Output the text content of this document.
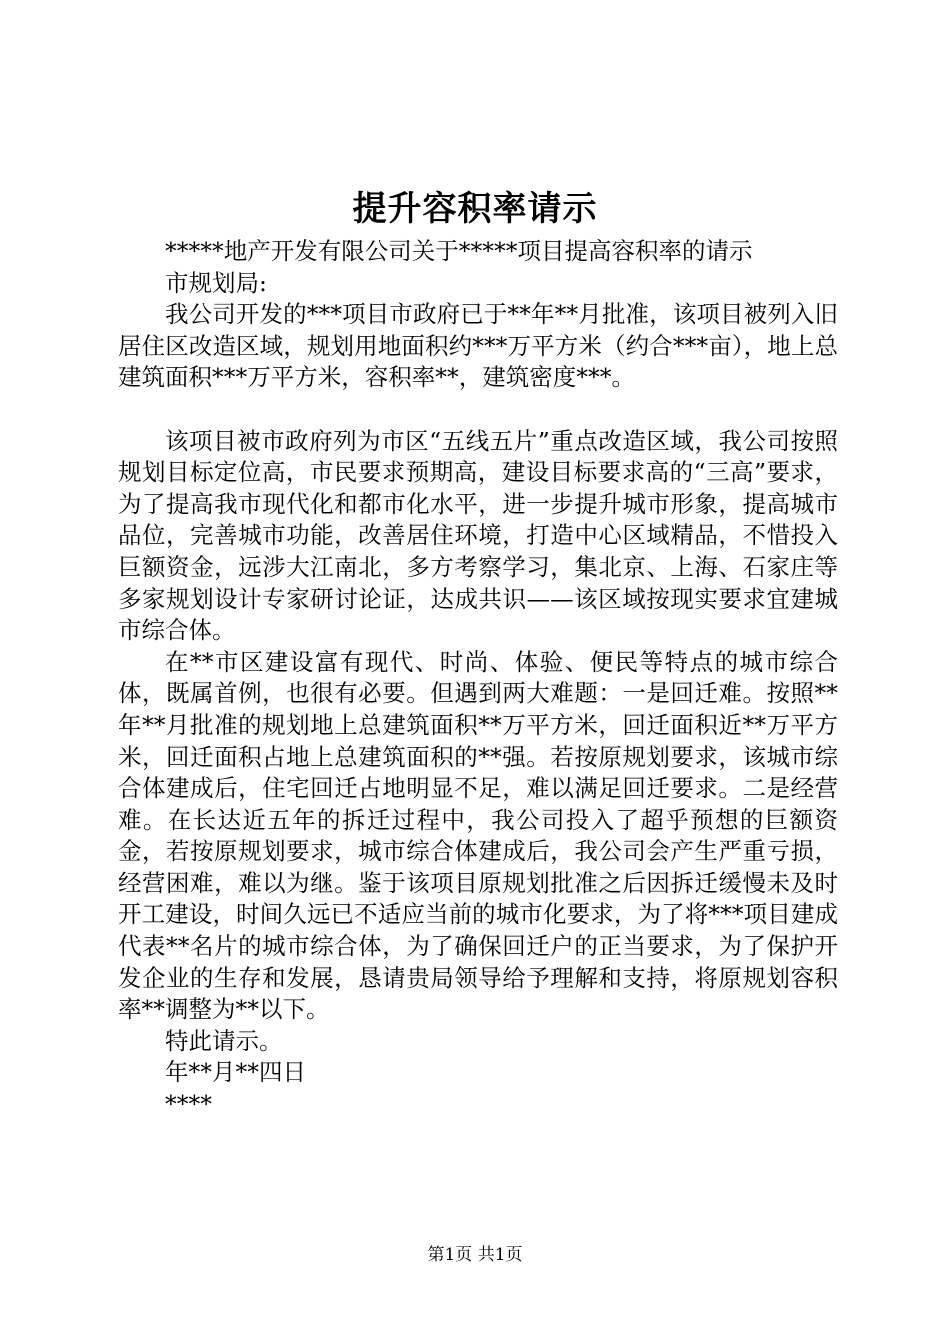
提升容积率请示

*****地产开发有限公司关于*****项目提高容积率的请示

市规划局:

我公司开发的***项目市政府已于**年**月批准，该项目被列入旧居住区改造区域，规划用地面积约***万平方米（约合***亩），地上总建筑面积***万平方米，容积率**，建筑密度***。

该项目被市政府列为市区“五线五片”重点改造区域，我公司按照规划目标定位高，市民要求预期高，建设目标要求高的“三高”要求，为了提高我市现代化和都市化水平，进一步提升城市形象，提高城市品位，完善城市功能，改善居住环境，打造中心区域精品，不惜投入巨额资金，远涉大江南北，多方考察学习，集北京、上海、石家庄等多家规划设计专家研讨论证，达成共识——该区域按现实要求宜建城市综合体。

在**市区建设富有现代、时尚、体验、便民等特点的城市综合体，既属首例，也很有必要。但遇到两大难题：一是回迁难。按照**年**月批准的规划地上总建筑面积**万平方米，回迁面积近**万平方米，回迁面积占地上总建筑面积的**强。若按原规划要求，该城市综合体建成后，住宅回迁占地明显不足，难以满足回迁要求。二是经营难。在长达近五年的拆迁过程中，我公司投入了超乎预想的巨额资金，若按原规划要求，城市综合体建成后，我公司会产生严重亏损，经营困难，难以为继。鉴于该项目原规划批准之后因拆迁缓慢未及时开工建设，时间久远已不适应当前的城市化要求，为了将***项目建成代表**名片的城市综合体，为了确保回迁户的正当要求，为了保护开发企业的生存和发展，恳请贵局领导给予理解和支持，将原规划容积率**调整为**以下。

特此请示。

年**月**四日

****

第1页 共1页
